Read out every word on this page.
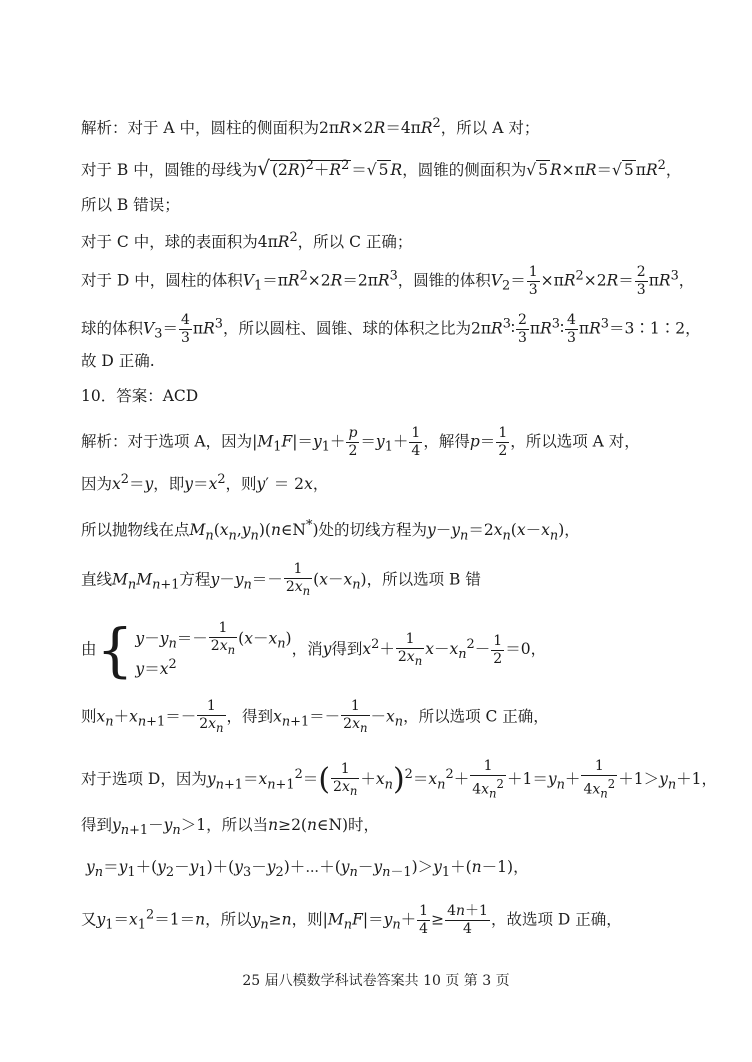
解析：对于 A 中，圆柱的侧面积为$2\pi R\times 2R=4\pi R^2$，所以 A 对；
对于 B 中，圆锥的母线为√ $(2R)^2+R^2$ ＝√ 5 R，圆锥的侧面积为√ 5 R×πR＝√ 5 $\pi R^2$，
所以 B 错误；
对于 C 中，球的表面积为$4\pi R^2$，所以 C 正确；
对于 D 中，圆柱的体积$V_1=\pi R^2\times 2R=2\pi R^3$，圆锥的体积$V_2= \frac{1}{3} \times\pi R^2\times 2R= \frac{2}{3} \pi R^3$，
球的体积$V_3= \frac{4}{3} \pi R^3$，所以圆柱、圆锥、球的体积之比为$2\pi R^3∶ \frac{2}{3}$ $\pi R^3∶ \frac{4}{3}$ $\pi R^3=3∶1∶2$，
故 D 正确.
10．答案：ACD
解析：对于选项 A，因为$|M_1F|=y_1+ \frac{p}{2} =y_1+ \frac{1}{4}$ ，解得$p= \frac{1}{2}$ ，所以选项 A 对，
因为$x^2=y$，即$y=x^2$，则y′ ＝ 2x，
所以抛物线在点$M_n(x_n,y_n)(n\in N^*)$处的切线方程为$y-y_n=2x_n(x-x_n)$，
直线$M_nM_{n+1}$方程$y-y_n=- \frac{1}{2x_n} (x-x_n)$，所以选项 B 错
由{ $y-y_n=- \frac{1}{2x_n} (x-x_n)$
$y=x^2$
，消y得到$x^2+ \frac{1}{2x_n} x-x_n^2- \frac{1}{2} =0$，
则$x_n+x_{n+1}=- \frac{1}{2x_n}$ ，得到$x_{n+1}=- \frac{1}{2x_n} -x_n$，所以选项 C 正确，
对于选项 D，因为$y_{n+1}=x_{n+1}^2=( \frac{1}{2x_n} +x_n)^2=x_n^2+ \frac{1}{4x_n^2} +1=y_n+ \frac{1}{4x_n^2} +1>y_n+1$，
得到$y_{n+1}-y_n>1$，所以当n≥2(n∈N)时，
$y_n=y_1+(y_2-y_1)+(y_3-y_2)+\cdots+(y_n-y_{n-1})>y_1+(n-1)$，
又$y_1=x_1^2=1=n$，所以$y_n\ge n$，则$|M_nF|=y_n+ \frac{1}{4} \ge \frac{4n+1}{4}$ ，故选项 D 正确，
25 届八模数学科试卷答案共 10 页 第 3 页
